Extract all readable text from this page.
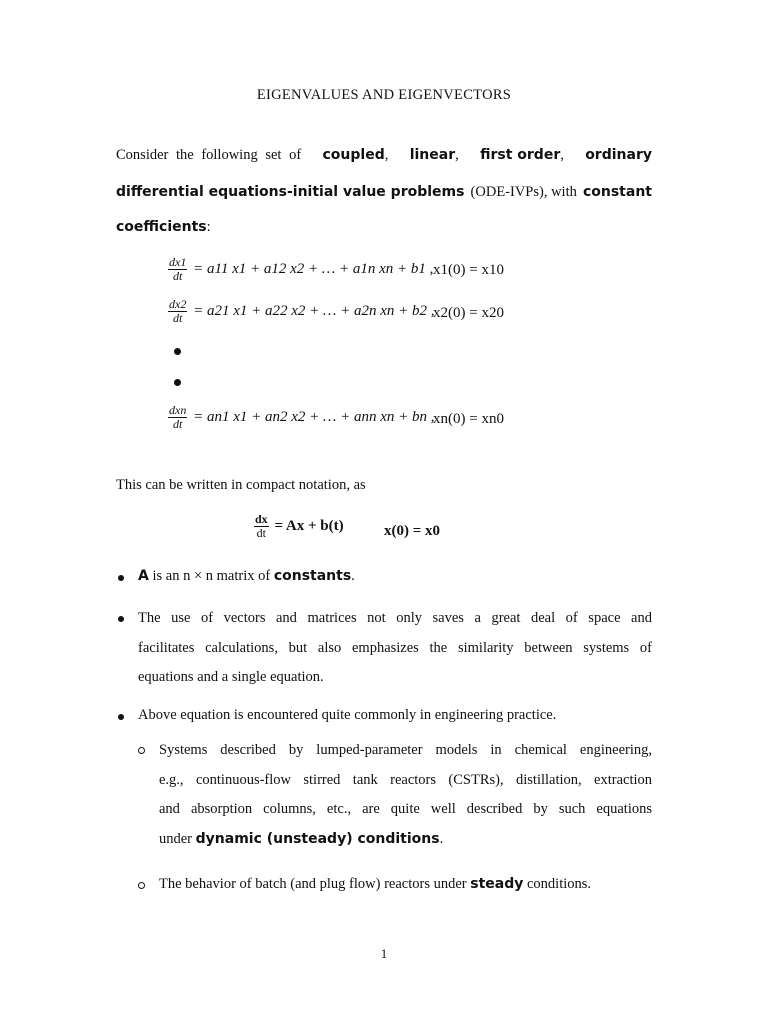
EIGENVALUES AND EIGENVECTORS
Consider the following set of coupled, linear, first order, ordinary
differential equations-initial value problems (ODE-IVPs), with constant
coefficients:
$\frac{dx1}{dt} = a11$ x1 + a12 x2 + … + a1n xn + b1 , x1(0) = x10
$\frac{dx2}{dt} = a21$ x1 + a22 x2 + … + a2n xn + b2 ,
x2(0) = x20
$\frac{\text{dxn}}{dt} = an1$ x1 + an2 x2 + … + ann xn + bn ,
xn(0) = xn0
This can be written in compact notation, as
$\frac{dx}{dt} = Ax + b(t)$	x(0) = x0
A is an n × n matrix of constants.
The use of vectors and matrices not only saves a great deal of space and
facilitates calculations, but also emphasizes the similarity between systems of
equations and a single equation.
Above equation is encountered quite commonly in engineering practice.
Systems described by lumped-parameter models in chemical engineering,
e.g., continuous-flow stirred tank reactors (CSTRs), distillation, extraction
and absorption columns, etc., are quite well described by such equations
under dynamic (unsteady) conditions.
The behavior of batch (and plug flow) reactors under steady conditions.
1
